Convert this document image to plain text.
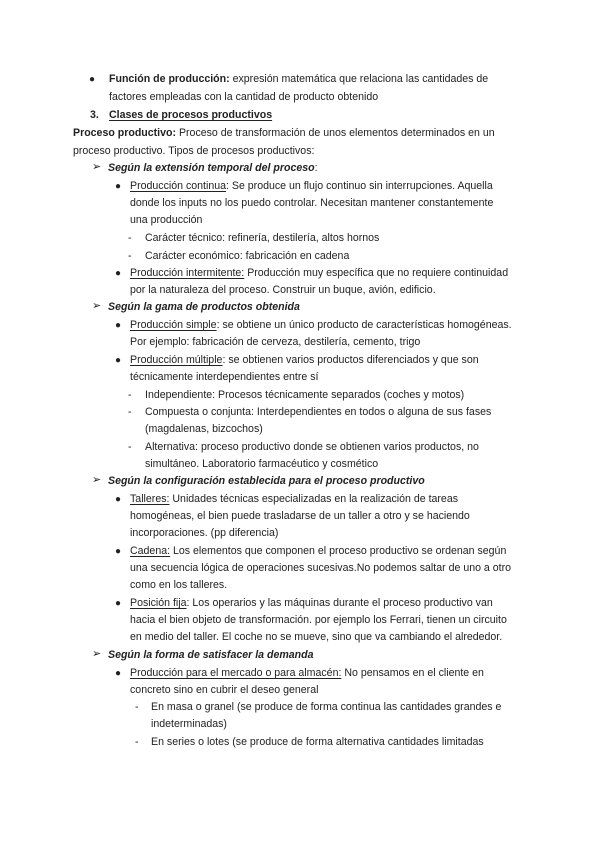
● Función de producción: expresión matemática que relaciona las cantidades de
factores empleadas con la cantidad de producto obtenido
3. Clases de procesos productivos
Proceso productivo: Proceso de transformación de unos elementos determinados en un
proceso productivo. Tipos de procesos productivos:
➢ Según la extensión temporal del proceso:
● Producción continua: Se produce un flujo continuo sin interrupciones. Aquella
donde los inputs no los puedo controlar. Necesitan mantener constantemente
una producción
- Carácter técnico: refinería, destilería, altos hornos
- Carácter económico: fabricación en cadena
● Producción intermitente: Producción muy específica que no requiere continuidad
por la naturaleza del proceso. Construir un buque, avión, edificio.
➢ Según la gama de productos obtenida
● Producción simple: se obtiene un único producto de características homogéneas.
Por ejemplo: fabricación de cerveza, destilería, cemento, trigo
● Producción múltiple: se obtienen varios productos diferenciados y que son
técnicamente interdependientes entre sí
- Independiente: Procesos técnicamente separados (coches y motos)
- Compuesta o conjunta: Interdependientes en todos o alguna de sus fases
(magdalenas, bizcochos)
- Alternativa: proceso productivo donde se obtienen varios productos, no
simultáneo. Laboratorio farmacéutico y cosmético
➢ Según la configuración establecida para el proceso productivo
● Talleres: Unidades técnicas especializadas en la realización de tareas
homogéneas, el bien puede trasladarse de un taller a otro y se haciendo
incorporaciones. (pp diferencia)
● Cadena: Los elementos que componen el proceso productivo se ordenan según
una secuencia lógica de operaciones sucesivas.No podemos saltar de uno a otro
como en los talleres.
● Posición fija: Los operarios y las máquinas durante el proceso productivo van
hacia el bien objeto de transformación. por ejemplo los Ferrari, tienen un circuito
en medio del taller. El coche no se mueve, sino que va cambiando el alrededor.
➢ Según la forma de satisfacer la demanda
● Producción para el mercado o para almacén: No pensamos en el cliente en
concreto sino en cubrir el deseo general
- En masa o granel (se produce de forma continua las cantidades grandes e
indeterminadas)
- En series o lotes (se produce de forma alternativa cantidades limitadas
